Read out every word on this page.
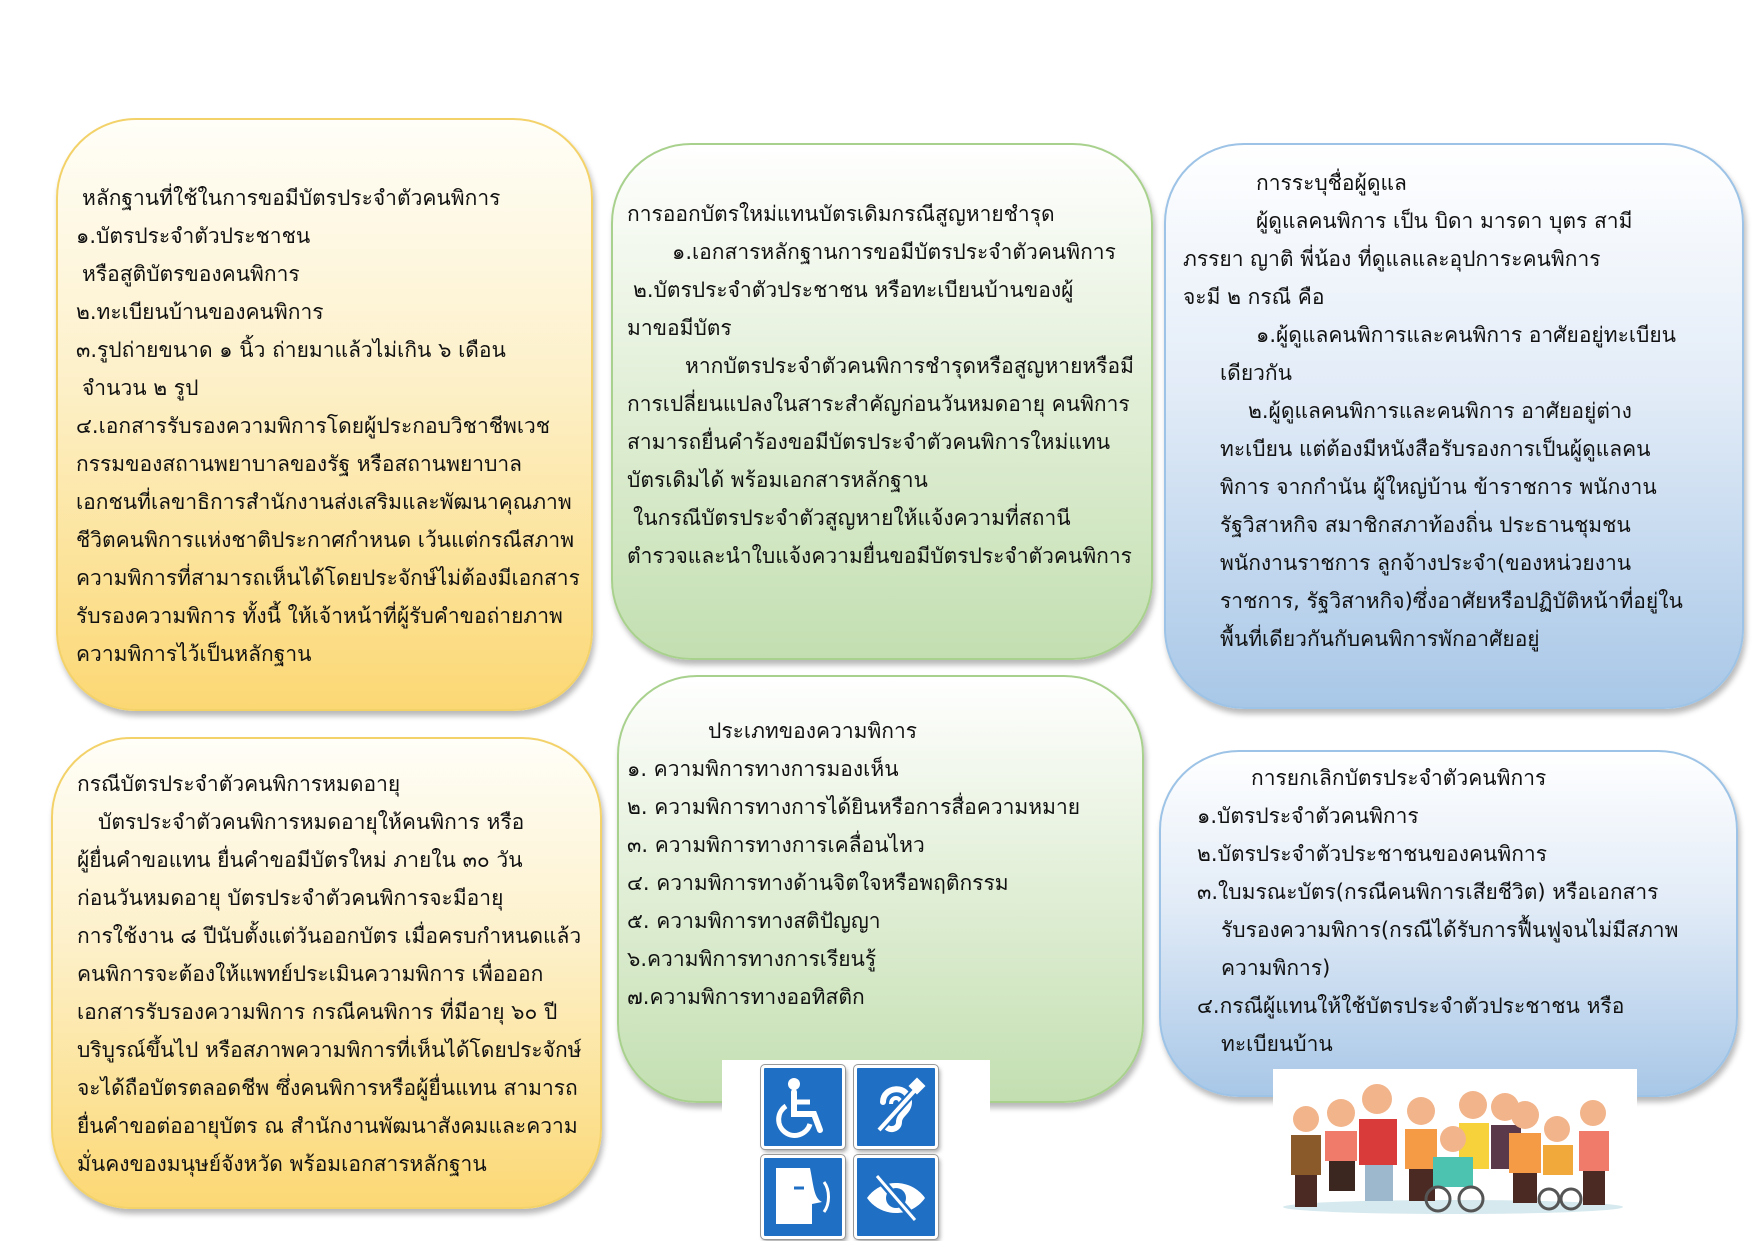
หลักฐานที่ใช้ในการขอมีบัตรประจำตัวคนพิการ
๑.บัตรประจำตัวประชาชน
หรือสูติบัตรของคนพิการ
๒.ทะเบียนบ้านของคนพิการ
๓.รูปถ่ายขนาด ๑ นิ้ว ถ่ายมาแล้วไม่เกิน ๖ เดือน
จำนวน ๒ รูป
๔.เอกสารรับรองความพิการโดยผู้ประกอบวิชาชีพเวช
กรรมของสถานพยาบาลของรัฐ หรือสถานพยาบาล
เอกชนที่เลขาธิการสำนักงานส่งเสริมและพัฒนาคุณภาพ
ชีวิตคนพิการแห่งชาติประกาศกำหนด เว้นแต่กรณีสภาพ
ความพิการที่สามารถเห็นได้โดยประจักษ์ไม่ต้องมีเอกสาร
รับรองความพิการ ทั้งนี้ ให้เจ้าหน้าที่ผู้รับคำขอถ่ายภาพ
ความพิการไว้เป็นหลักฐาน
การออกบัตรใหม่แทนบัตรเดิมกรณีสูญหายชำรุด
๑.เอกสารหลักฐานการขอมีบัตรประจำตัวคนพิการ
๒.บัตรประจำตัวประชาชน หรือทะเบียนบ้านของผู้
มาขอมีบัตร
หากบัตรประจำตัวคนพิการชำรุดหรือสูญหายหรือมี
การเปลี่ยนแปลงในสาระสำคัญก่อนวันหมดอายุ คนพิการ
สามารถยื่นคำร้องขอมีบัตรประจำตัวคนพิการใหม่แทน
บัตรเดิมได้ พร้อมเอกสารหลักฐาน
ในกรณีบัตรประจำตัวสูญหายให้แจ้งความที่สถานี
ตำรวจและนำใบแจ้งความยื่นขอมีบัตรประจำตัวคนพิการ
การระบุชื่อผู้ดูแล
ผู้ดูแลคนพิการ เป็น บิดา มารดา บุตร สามี
ภรรยา ญาติ พี่น้อง ที่ดูแลและอุปการะคนพิการ
จะมี ๒ กรณี คือ
๑.ผู้ดูแลคนพิการและคนพิการ อาศัยอยู่ทะเบียน
เดียวกัน
๒.ผู้ดูแลคนพิการและคนพิการ อาศัยอยู่ต่าง
ทะเบียน แต่ต้องมีหนังสือรับรองการเป็นผู้ดูแลคน
พิการ จากกำนัน ผู้ใหญ่บ้าน ข้าราชการ พนักงาน
รัฐวิสาหกิจ สมาชิกสภาท้องถิ่น ประธานชุมชน
พนักงานราชการ ลูกจ้างประจำ(ของหน่วยงาน
ราชการ, รัฐวิสาหกิจ)ซึ่งอาศัยหรือปฏิบัติหน้าที่อยู่ใน
พื้นที่เดียวกันกับคนพิการพักอาศัยอยู่
กรณีบัตรประจำตัวคนพิการหมดอายุ
บัตรประจำตัวคนพิการหมดอายุให้คนพิการ หรือ
ผู้ยื่นคำขอแทน ยื่นคำขอมีบัตรใหม่ ภายใน ๓๐ วัน
ก่อนวันหมดอายุ บัตรประจำตัวคนพิการจะมีอายุ
การใช้งาน ๘ ปีนับตั้งแต่วันออกบัตร เมื่อครบกำหนดแล้ว
คนพิการจะต้องให้แพทย์ประเมินความพิการ เพื่อออก
เอกสารรับรองความพิการ กรณีคนพิการ ที่มีอายุ ๖๐ ปี
บริบูรณ์ขึ้นไป หรือสภาพความพิการที่เห็นได้โดยประจักษ์
จะได้ถือบัตรตลอดชีพ ซึ่งคนพิการหรือผู้ยื่นแทน สามารถ
ยื่นคำขอต่ออายุบัตร ณ สำนักงานพัฒนาสังคมและความ
มั่นคงของมนุษย์จังหวัด พร้อมเอกสารหลักฐาน
ประเภทของความพิการ
๑. ความพิการทางการมองเห็น
๒. ความพิการทางการได้ยินหรือการสื่อความหมาย
๓. ความพิการทางการเคลื่อนไหว
๔. ความพิการทางด้านจิตใจหรือพฤติกรรม
๕. ความพิการทางสติปัญญา
๖.ความพิการทางการเรียนรู้
๗.ความพิการทางออทิสติก
การยกเลิกบัตรประจำตัวคนพิการ
๑.บัตรประจำตัวคนพิการ
๒.บัตรประจำตัวประชาชนของคนพิการ
๓.ใบมรณะบัตร(กรณีคนพิการเสียชีวิต) หรือเอกสาร
รับรองความพิการ(กรณีได้รับการฟื้นฟูจนไม่มีสภาพ
ความพิการ)
๔.กรณีผู้แทนให้ใช้บัตรประจำตัวประชาชน หรือ
ทะเบียนบ้าน
